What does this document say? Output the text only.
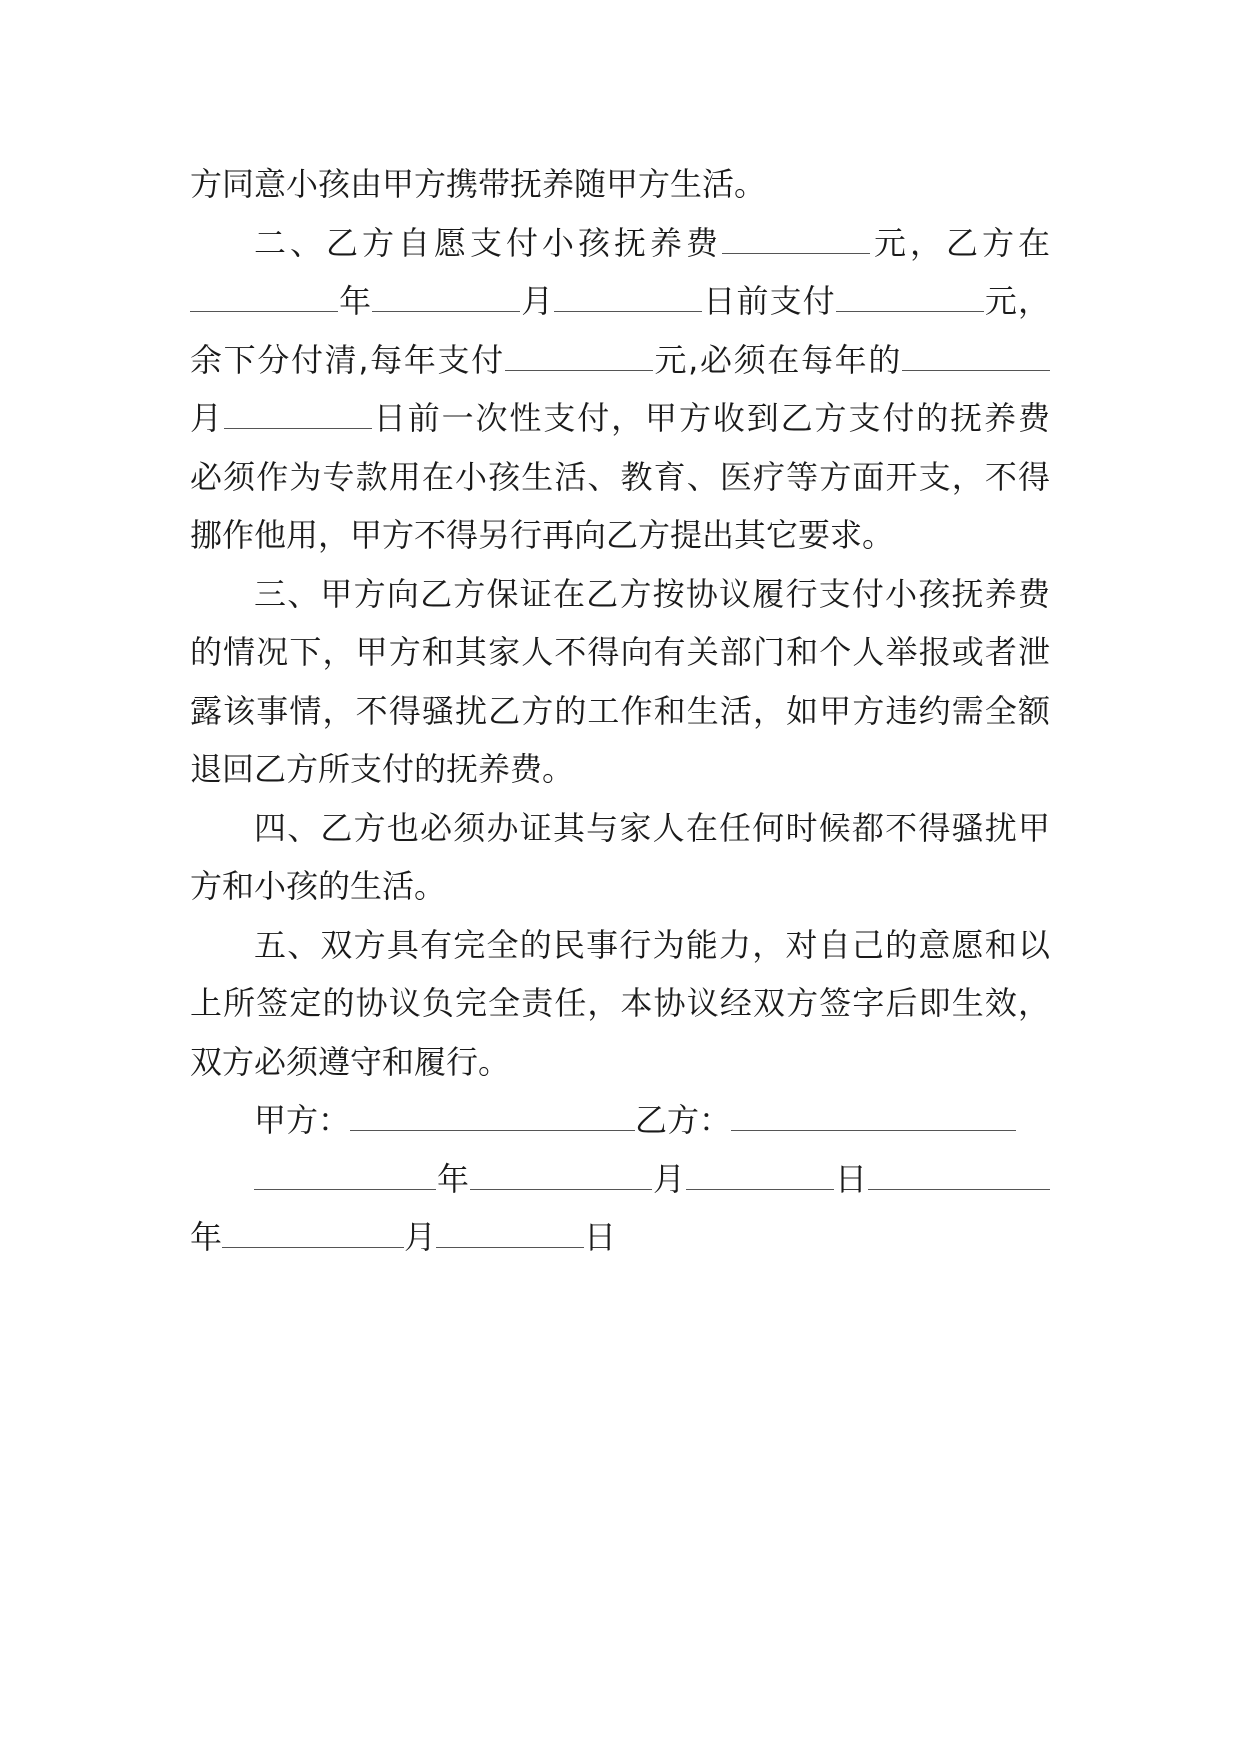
方同意小孩由甲方携带抚养随甲方生活。
二、乙方自愿支付小孩抚养费	元，乙方在
年	月	日前支付	元，
余下分付清,每年支付	元,必须在每年的
月	日前一次性支付，甲方收到乙方支付的抚养费
必须作为专款用在小孩生活、教育、医疗等方面开支，不得
挪作他用，甲方不得另行再向乙方提出其它要求。
三、甲方向乙方保证在乙方按协议履行支付小孩抚养费
的情况下，甲方和其家人不得向有关部门和个人举报或者泄
露该事情，不得骚扰乙方的工作和生活，如甲方违约需全额
退回乙方所支付的抚养费。
四、乙方也必须办证其与家人在任何时候都不得骚扰甲
方和小孩的生活。
五、双方具有完全的民事行为能力，对自己的意愿和以
上所签定的协议负完全责任，本协议经双方签字后即生效，
双方必须遵守和履行。
甲方：	乙方：
年	月	日
年	月	日
